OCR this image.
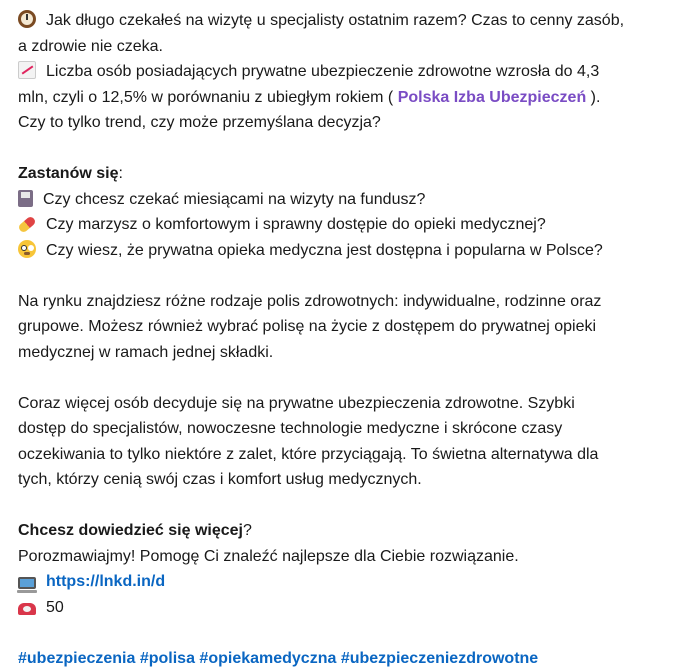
Jak długo czekałeś na wizytę u specjalisty ostatnim razem? Czas to cenny zasób,
a zdrowie nie czeka.
Liczba osób posiadających prywatne ubezpieczenie zdrowotne wzrosła do 4,3
mln, czyli o 12,5% w porównaniu z ubiegłym rokiem ( Polska Izba Ubezpieczeń ).
Czy to tylko trend, czy może przemyślana decyzja?
Zastanów się:
Czy chcesz czekać miesiącami na wizyty na fundusz?
Czy marzysz o komfortowym i sprawny dostępie do opieki medycznej?
Czy wiesz, że prywatna opieka medyczna jest dostępna i popularna w Polsce?
Na rynku znajdziesz różne rodzaje polis zdrowotnych: indywidualne, rodzinne oraz
grupowe. Możesz również wybrać polisę na życie z dostępem do prywatnej opieki
medycznej w ramach jednej składki.
Coraz więcej osób decyduje się na prywatne ubezpieczenia zdrowotne. Szybki
dostęp do specjalistów, nowoczesne technologie medyczne i skrócone czasy
oczekiwania to tylko niektóre z zalet, które przyciągają. To świetna alternatywa dla
tych, którzy cenią swój czas i komfort usług medycznych.
Chcesz dowiedzieć się więcej?
Porozmawiajmy! Pomogę Ci znaleźć najlepsze dla Ciebie rozwiązanie.
https://lnkd.in/d
50
#ubezpieczenia #polisa #opiekamedyczna #ubezpieczeniezdrowotne
